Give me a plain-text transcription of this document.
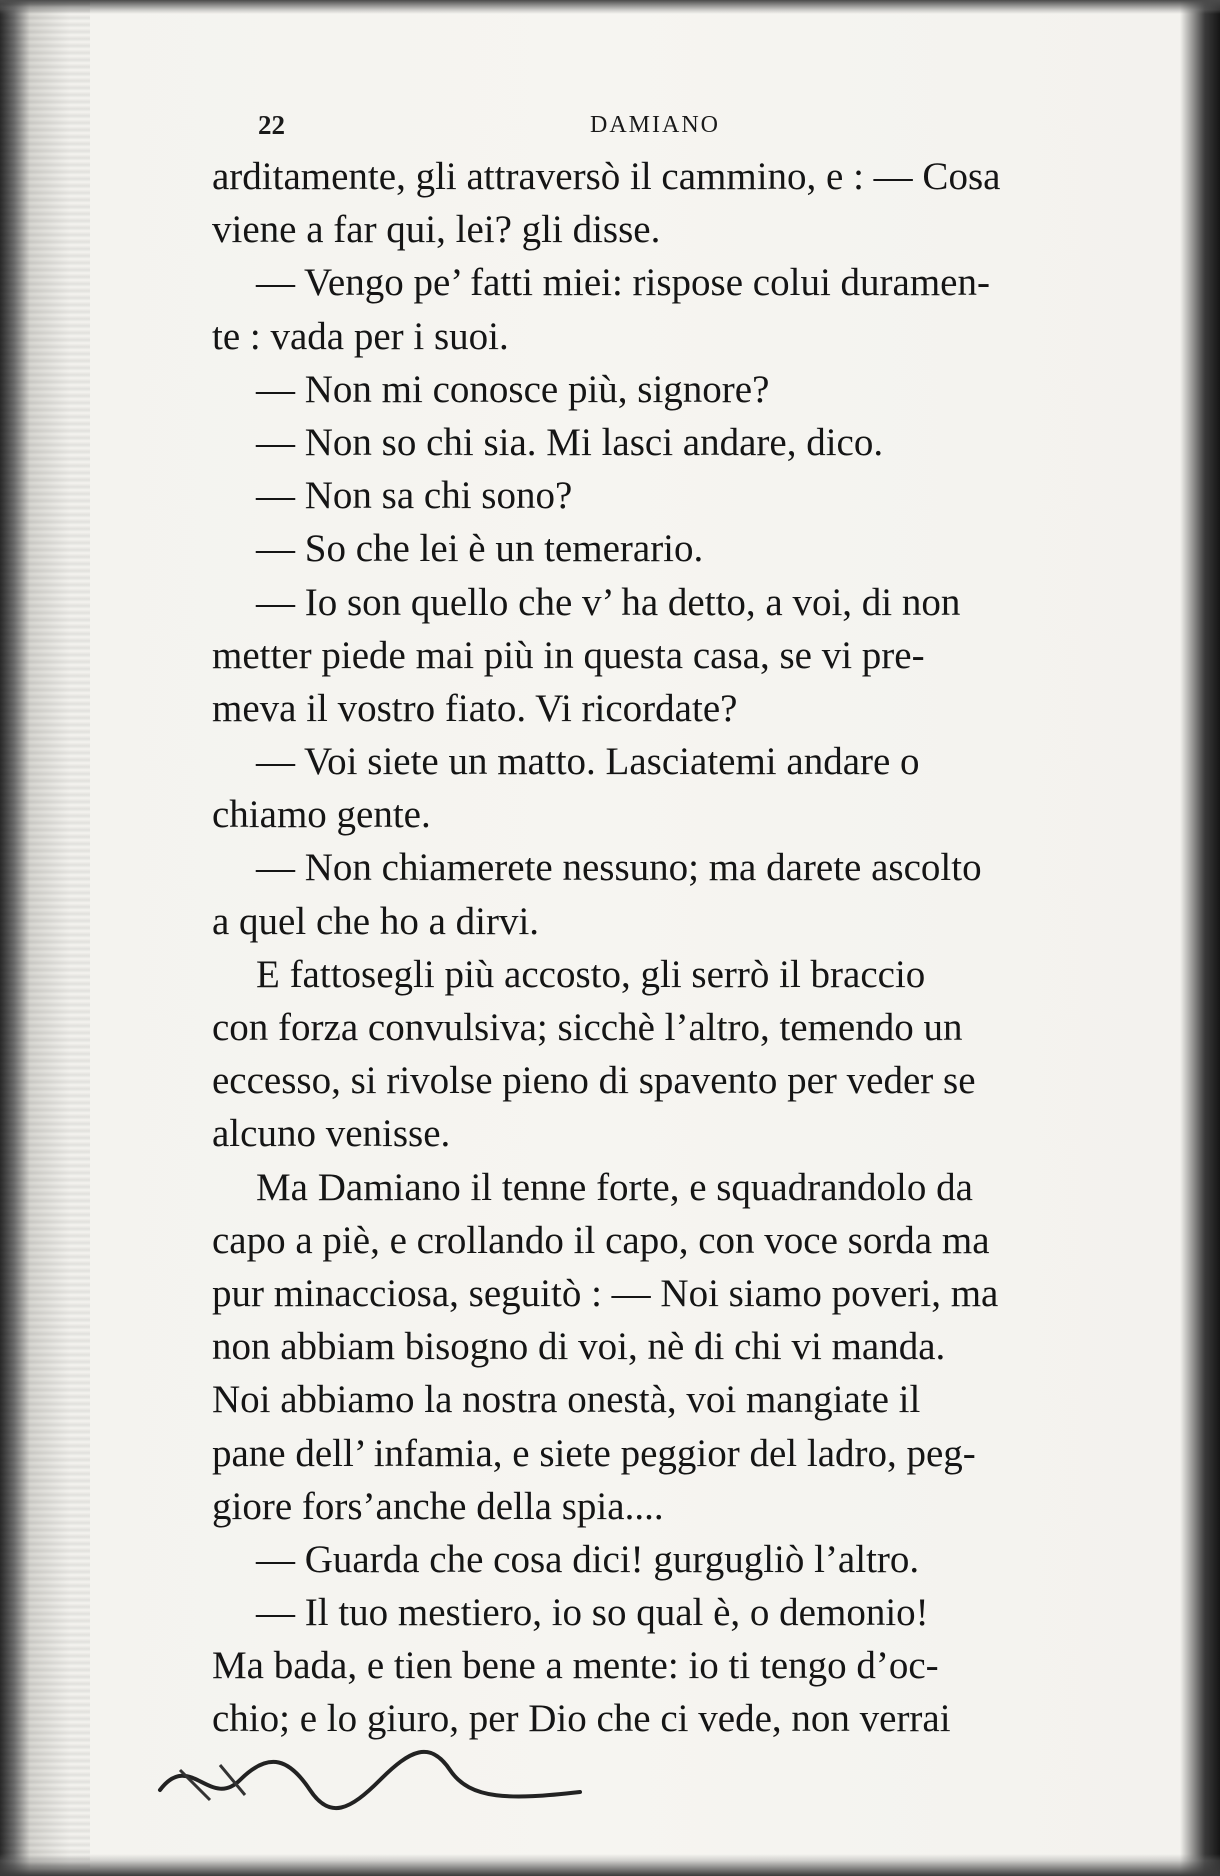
22	DAMIANO
arditamente, gli attraversò il cammino, e : — Cosa
viene a far qui, lei? gli disse.
— Vengo pe’ fatti miei: rispose colui duramen-
te : vada per i suoi.
— Non mi conosce più, signore?
— Non so chi sia. Mi lasci andare, dico.
— Non sa chi sono?
— So che lei è un temerario.
— Io son quello che v’ ha detto, a voi, di non
metter piede mai più in questa casa, se vi pre-
meva il vostro fiato. Vi ricordate?
— Voi siete un matto. Lasciatemi andare o
chiamo gente.
— Non chiamerete nessuno; ma darete ascolto
a quel che ho a dirvi.
E fattosegli più accosto, gli serrò il braccio
con forza convulsiva; sicchè l’altro, temendo un
eccesso, si rivolse pieno di spavento per veder se
alcuno venisse.
Ma Damiano il tenne forte, e squadrandolo da
capo a piè, e crollando il capo, con voce sorda ma
pur minacciosa, seguitò : — Noi siamo poveri, ma
non abbiam bisogno di voi, nè di chi vi manda.
Noi abbiamo la nostra onestà, voi mangiate il
pane dell’ infamia, e siete peggior del ladro, peg-
giore fors’anche della spia....
— Guarda che cosa dici! gurgugliò l’altro.
— Il tuo mestiero, io so qual è, o demonio!
Ma bada, e tien bene a mente: io ti tengo d’oc-
chio; e lo giuro, per Dio che ci vede, non verrai
